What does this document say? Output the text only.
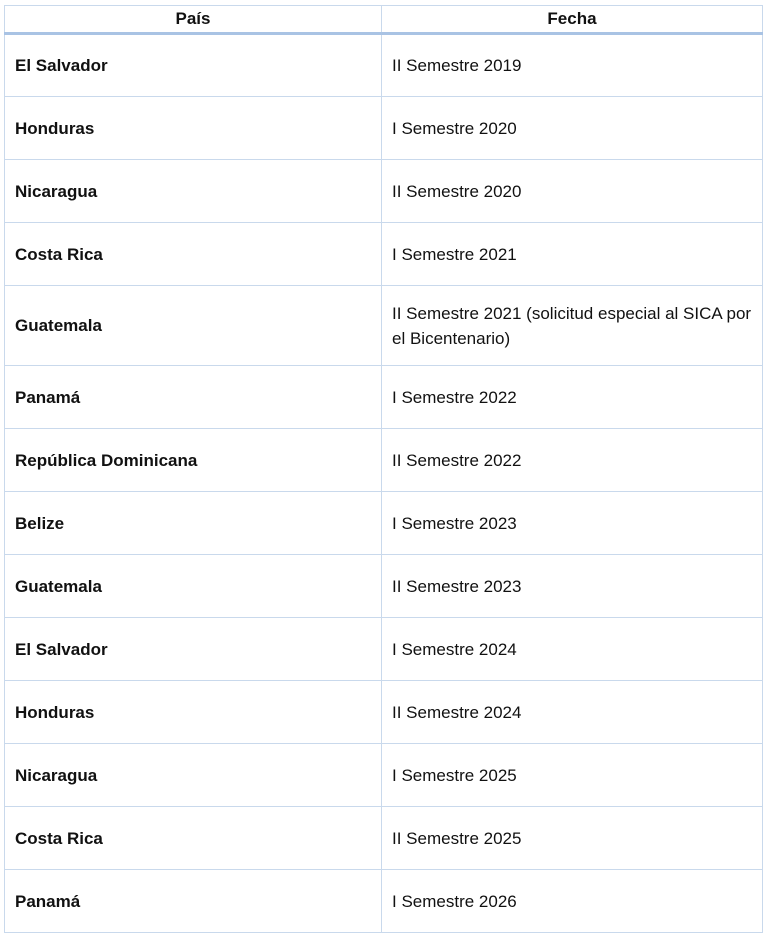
País	Fecha
El Salvador	II Semestre 2019
Honduras	I Semestre 2020
Nicaragua	II Semestre 2020
Costa Rica	I Semestre 2021
Guatemala	II Semestre 2021 (solicitud especial al SICA por el Bicentenario)
Panamá	I Semestre 2022
República Dominicana	II Semestre 2022
Belize	I Semestre 2023
Guatemala	II Semestre 2023
El Salvador	I Semestre 2024
Honduras	II Semestre 2024
Nicaragua	I Semestre 2025
Costa Rica	II Semestre 2025
Panamá	I Semestre 2026
